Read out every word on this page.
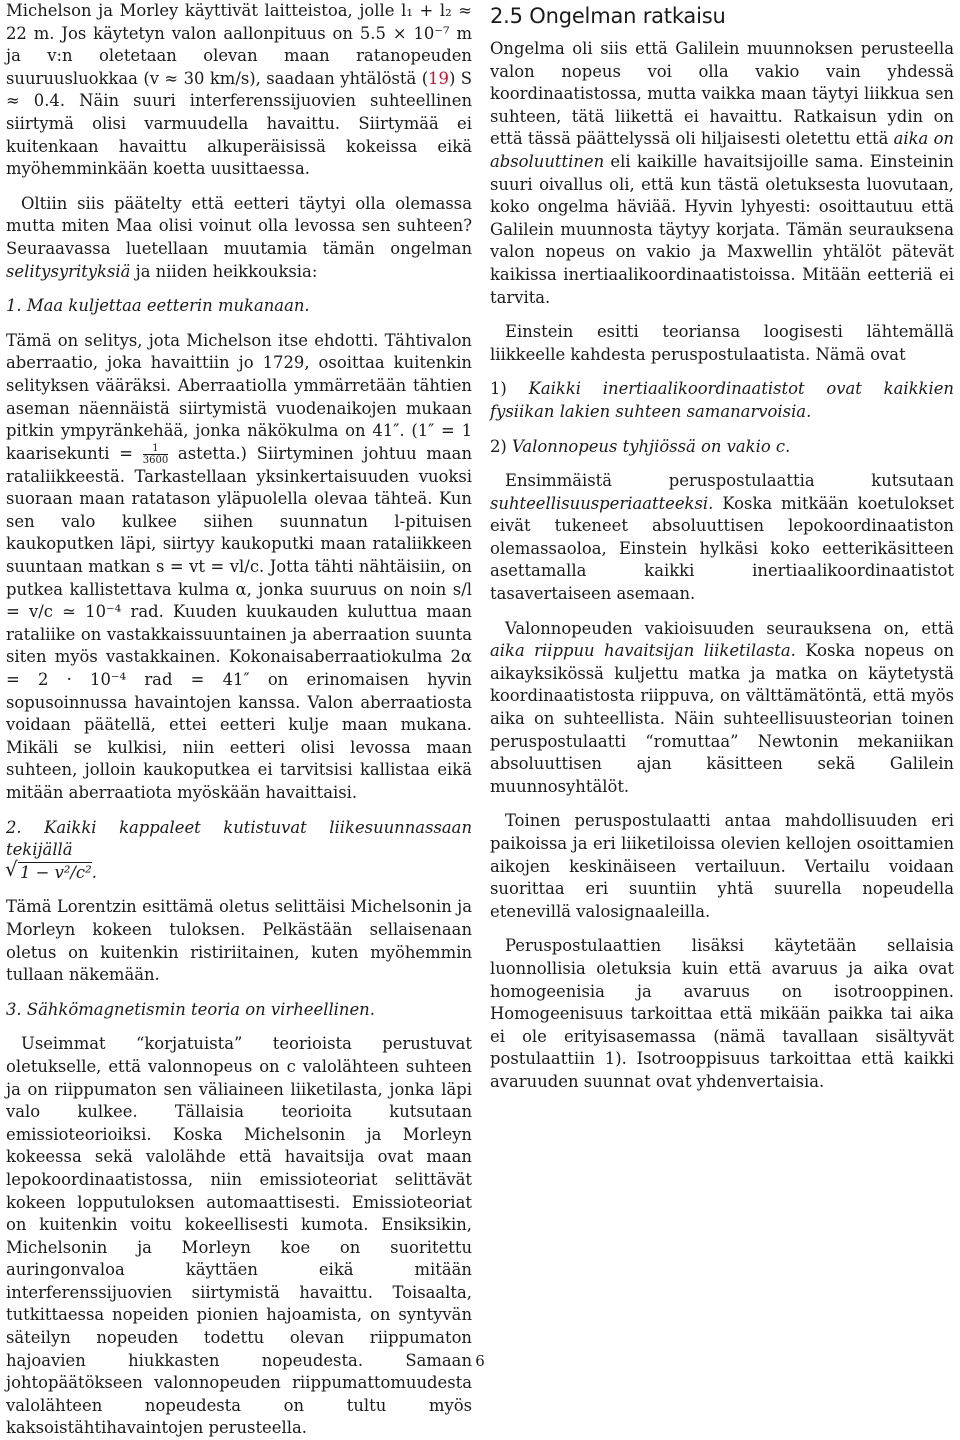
Michelson ja Morley käyttivät laitteistoa, jolle l₁ + l₂ ≈ 22 m. Jos käytetyn valon aallonpituus on 5.5 × 10⁻⁷ m ja v:n oletetaan olevan maan ratanopeuden suuruusluokkaa (v ≈ 30 km/s), saadaan yhtälöstä (19) S ≈ 0.4. Näin suuri interferenssijuovien suhteellinen siirtymä olisi varmuudella havaittu. Siirtymää ei kuitenkaan havaittu alkuperäisissä kokeissa eikä myöhemminkään koetta uusittaessa.

Oltiin siis päätelty että eetteri täytyi olla olemassa mutta miten Maa olisi voinut olla levossa sen suhteen? Seuraavassa luetellaan muutamia tämän ongelman selitysyrityksiä ja niiden heikkouksia:

1. Maa kuljettaa eetterin mukanaan.

Tämä on selitys, jota Michelson itse ehdotti. Tähtivalon aberraatio, joka havaittiin jo 1729, osoittaa kuitenkin selityksen vääräksi. Aberraatiolla ymmärretään tähtien aseman näennäistä siirtymistä vuodenaikojen mukaan pitkin ympyränkehää, jonka näkökulma on 41″. (1″ = 1 kaarisekunti = $\frac{1}{3600}$ astetta.) Siirtyminen johtuu maan rataliikkeestä. Tarkastellaan yksinkertaisuuden vuoksi suoraan maan ratatason yläpuolella olevaa tähteä. Kun sen valo kulkee siihen suunnatun l-pituisen kaukoputken läpi, siirtyy kaukoputki maan rataliikkeen suuntaan matkan s = vt = vl/c. Jotta tähti nähtäisiin, on putkea kallistettava kulma α, jonka suuruus on noin s/l = v/c ≃ 10⁻⁴ rad. Kuuden kuukauden kuluttua maan rataliike on vastakkaissuuntainen ja aberraation suunta siten myös vastakkainen. Kokonaisaberraatiokulma 2α = 2 · 10⁻⁴ rad = 41″ on erinomaisen hyvin sopusoinnussa havaintojen kanssa. Valon aberraatiosta voidaan päätellä, ettei eetteri kulje maan mukana. Mikäli se kulkisi, niin eetteri olisi levossa maan suhteen, jolloin kaukoputkea ei tarvitsisi kallistaa eikä mitään aberraatiota myöskään havaittaisi.

2. Kaikki kappaleet kutistuvat liikesuunnassaan tekijällä
√ 1 − v²/c².

Tämä Lorentzin esittämä oletus selittäisi Michelsonin ja Morleyn kokeen tuloksen. Pelkästään sellaisenaan oletus on kuitenkin ristiriitainen, kuten myöhemmin tullaan näkemään.

3. Sähkömagnetismin teoria on virheellinen.

Useimmat “korjatuista” teorioista perustuvat oletukselle, että valonnopeus on c valolähteen suhteen ja on riippumaton sen väliaineen liiketilasta, jonka läpi valo kulkee. Tällaisia teorioita kutsutaan emissioteorioiksi. Koska Michelsonin ja Morleyn kokeessa sekä valolähde että havaitsija ovat maan lepokoordinaatistossa, niin emissioteoriat selittävät kokeen lopputuloksen automaattisesti. Emissioteoriat on kuitenkin voitu kokeellisesti kumota. Ensiksikin, Michelsonin ja Morleyn koe on suoritettu auringonvaloa käyttäen eikä mitään interferenssijuovien siirtymistä havaittu. Toisaalta, tutkittaessa nopeiden pionien hajoamista, on syntyvän säteilyn nopeuden todettu olevan riippumaton hajoavien hiukkasten nopeudesta. Samaan johtopäätökseen valonnopeuden riippumattomuudesta valolähteen nopeudesta on tultu myös kaksoistähtihavaintojen perusteella.

2.5 Ongelman ratkaisu

Ongelma oli siis että Galilein muunnoksen perusteella valon nopeus voi olla vakio vain yhdessä koordinaatistossa, mutta vaikka maan täytyi liikkua sen suhteen, tätä liikettä ei havaittu. Ratkaisun ydin on että tässä päättelyssä oli hiljaisesti oletettu että aika on absoluuttinen eli kaikille havaitsijoille sama. Einsteinin suuri oivallus oli, että kun tästä oletuksesta luovutaan, koko ongelma häviää. Hyvin lyhyesti: osoittautuu että Galilein muunnosta täytyy korjata. Tämän seurauksena valon nopeus on vakio ja Maxwellin yhtälöt pätevät kaikissa inertiaalikoordinaatistoissa. Mitään eetteriä ei tarvita.

Einstein esitti teoriansa loogisesti lähtemällä liikkeelle kahdesta peruspostulaatista. Nämä ovat

1) Kaikki inertiaalikoordinaatistot ovat kaikkien fysiikan lakien suhteen samanarvoisia.

2) Valonnopeus tyhjiössä on vakio c.

Ensimmäistä peruspostulaattia kutsutaan suhteellisuusperiaatteeksi. Koska mitkään koetulokset eivät tukeneet absoluuttisen lepokoordinaatiston olemassaoloa, Einstein hylkäsi koko eetterikäsitteen asettamalla kaikki inertiaalikoordinaatistot tasavertaiseen asemaan.

Valonnopeuden vakioisuuden seurauksena on, että aika riippuu havaitsijan liiketilasta. Koska nopeus on aikayksikössä kuljettu matka ja matka on käytetystä koordinaatistosta riippuva, on välttämätöntä, että myös aika on suhteellista. Näin suhteellisuusteorian toinen peruspostulaatti “romuttaa” Newtonin mekaniikan absoluuttisen ajan käsitteen sekä Galilein muunnosyhtälöt.

Toinen peruspostulaatti antaa mahdollisuuden eri paikoissa ja eri liiketiloissa olevien kellojen osoittamien aikojen keskinäiseen vertailuun. Vertailu voidaan suorittaa eri suuntiin yhtä suurella nopeudella etenevillä valosignaaleilla.

Peruspostulaattien lisäksi käytetään sellaisia luonnollisia oletuksia kuin että avaruus ja aika ovat homogeenisia ja avaruus on isotrooppinen. Homogeenisuus tarkoittaa että mikään paikka tai aika ei ole erityisasemassa (nämä tavallaan sisältyvät postulaattiin 1). Isotrooppisuus tarkoittaa että kaikki avaruuden suunnat ovat yhdenvertaisia.

6
